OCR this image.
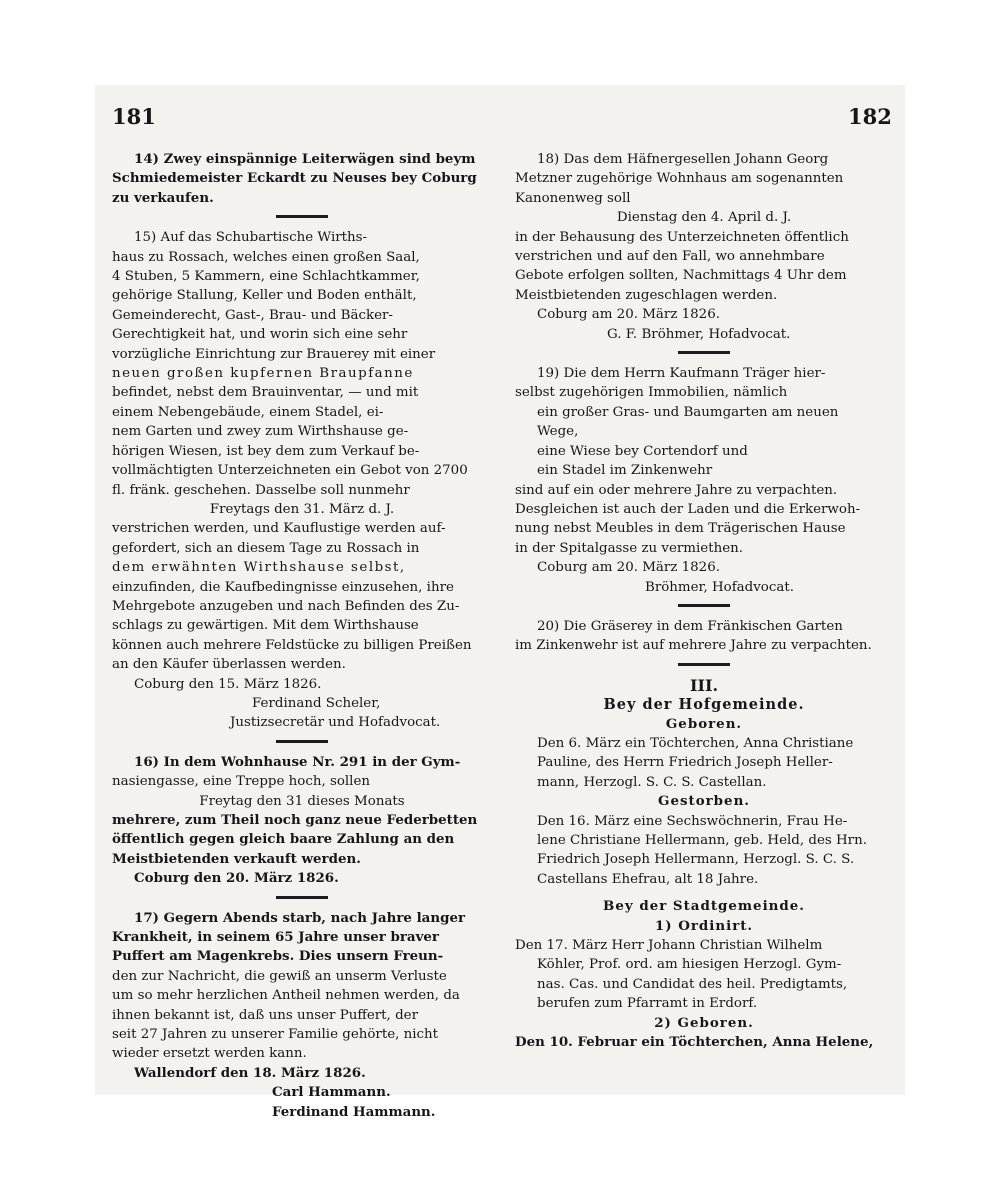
181	182

14) Zwey einspännige Leiterwägen sind beym

Schmiedemeister Eckardt zu Neuses bey Coburg

zu verkaufen.

15) Auf das Schubartische Wirths-

haus zu Rossach, welches einen großen Saal,

4 Stuben, 5 Kammern, eine Schlachtkammer,

gehörige Stallung, Keller und Boden enthält,

Gemeinderecht, Gast-, Brau- und Bäcker-

Gerechtigkeit hat, und worin sich eine sehr

vorzügliche Einrichtung zur Brauerey mit einer

neuen großen kupfernen Braupfanne

befindet, nebst dem Brauinventar, — und mit

einem Nebengebäude, einem Stadel, ei-

nem Garten und zwey zum Wirthshause ge-

hörigen Wiesen, ist bey dem zum Verkauf be-

vollmächtigten Unterzeichneten ein Gebot von 2700

fl. fränk. geschehen. Dasselbe soll nunmehr

Freytags den 31. März d. J.

verstrichen werden, und Kauflustige werden auf-

gefordert, sich an diesem Tage zu Rossach in

dem erwähnten Wirthshause selbst,

einzufinden, die Kaufbedingnisse einzusehen, ihre

Mehrgebote anzugeben und nach Befinden des Zu-

schlags zu gewärtigen. Mit dem Wirthshause

können auch mehrere Feldstücke zu billigen Preißen

an den Käufer überlassen werden.

Coburg den 15. März 1826.

Ferdinand Scheler,

Justizsecretär und Hofadvocat.

16) In dem Wohnhause Nr. 291 in der Gym-

nasiengasse, eine Treppe hoch, sollen

Freytag den 31 dieses Monats

mehrere, zum Theil noch ganz neue Federbetten

öffentlich gegen gleich baare Zahlung an den

Meistbietenden verkauft werden.

Coburg den 20. März 1826.

17) Gegern Abends starb, nach Jahre langer

Krankheit, in seinem 65 Jahre unser braver

Puffert am Magenkrebs. Dies unsern Freun-

den zur Nachricht, die gewiß an unserm Verluste

um so mehr herzlichen Antheil nehmen werden, da

ihnen bekannt ist, daß uns unser Puffert, der

seit 27 Jahren zu unserer Familie gehörte, nicht

wieder ersetzt werden kann.

Wallendorf den 18. März 1826.

Carl Hammann.

Ferdinand Hammann.

18) Das dem Häfnergesellen Johann Georg

Metzner zugehörige Wohnhaus am sogenannten

Kanonenweg soll

Dienstag den 4. April d. J.

in der Behausung des Unterzeichneten öffentlich

verstrichen und auf den Fall, wo annehmbare

Gebote erfolgen sollten, Nachmittags 4 Uhr dem

Meistbietenden zugeschlagen werden.

Coburg am 20. März 1826.

G. F. Bröhmer, Hofadvocat.

19) Die dem Herrn Kaufmann Träger hier-

selbst zugehörigen Immobilien, nämlich

ein großer Gras- und Baumgarten am neuen

Wege,

eine Wiese bey Cortendorf und

ein Stadel im Zinkenwehr

sind auf ein oder mehrere Jahre zu verpachten.

Desgleichen ist auch der Laden und die Erkerwoh-

nung nebst Meubles in dem Trägerischen Hause

in der Spitalgasse zu vermiethen.

Coburg am 20. März 1826.

Bröhmer, Hofadvocat.

20) Die Gräserey in dem Fränkischen Garten

im Zinkenwehr ist auf mehrere Jahre zu verpachten.

III.

Bey der Hofgemeinde.

Geboren.

Den 6. März ein Töchterchen, Anna Christiane

Pauline, des Herrn Friedrich Joseph Heller-

mann, Herzogl. S. C. S. Castellan.

Gestorben.

Den 16. März eine Sechswöchnerin, Frau He-

lene Christiane Hellermann, geb. Held, des Hrn.

Friedrich Joseph Hellermann, Herzogl. S. C. S.

Castellans Ehefrau, alt 18 Jahre.

Bey der Stadtgemeinde.

1) Ordinirt.

Den 17. März Herr Johann Christian Wilhelm

Köhler, Prof. ord. am hiesigen Herzogl. Gym-

nas. Cas. und Candidat des heil. Predigtamts,

berufen zum Pfarramt in Erdorf.

2) Geboren.

Den 10. Februar ein Töchterchen, Anna Helene,
